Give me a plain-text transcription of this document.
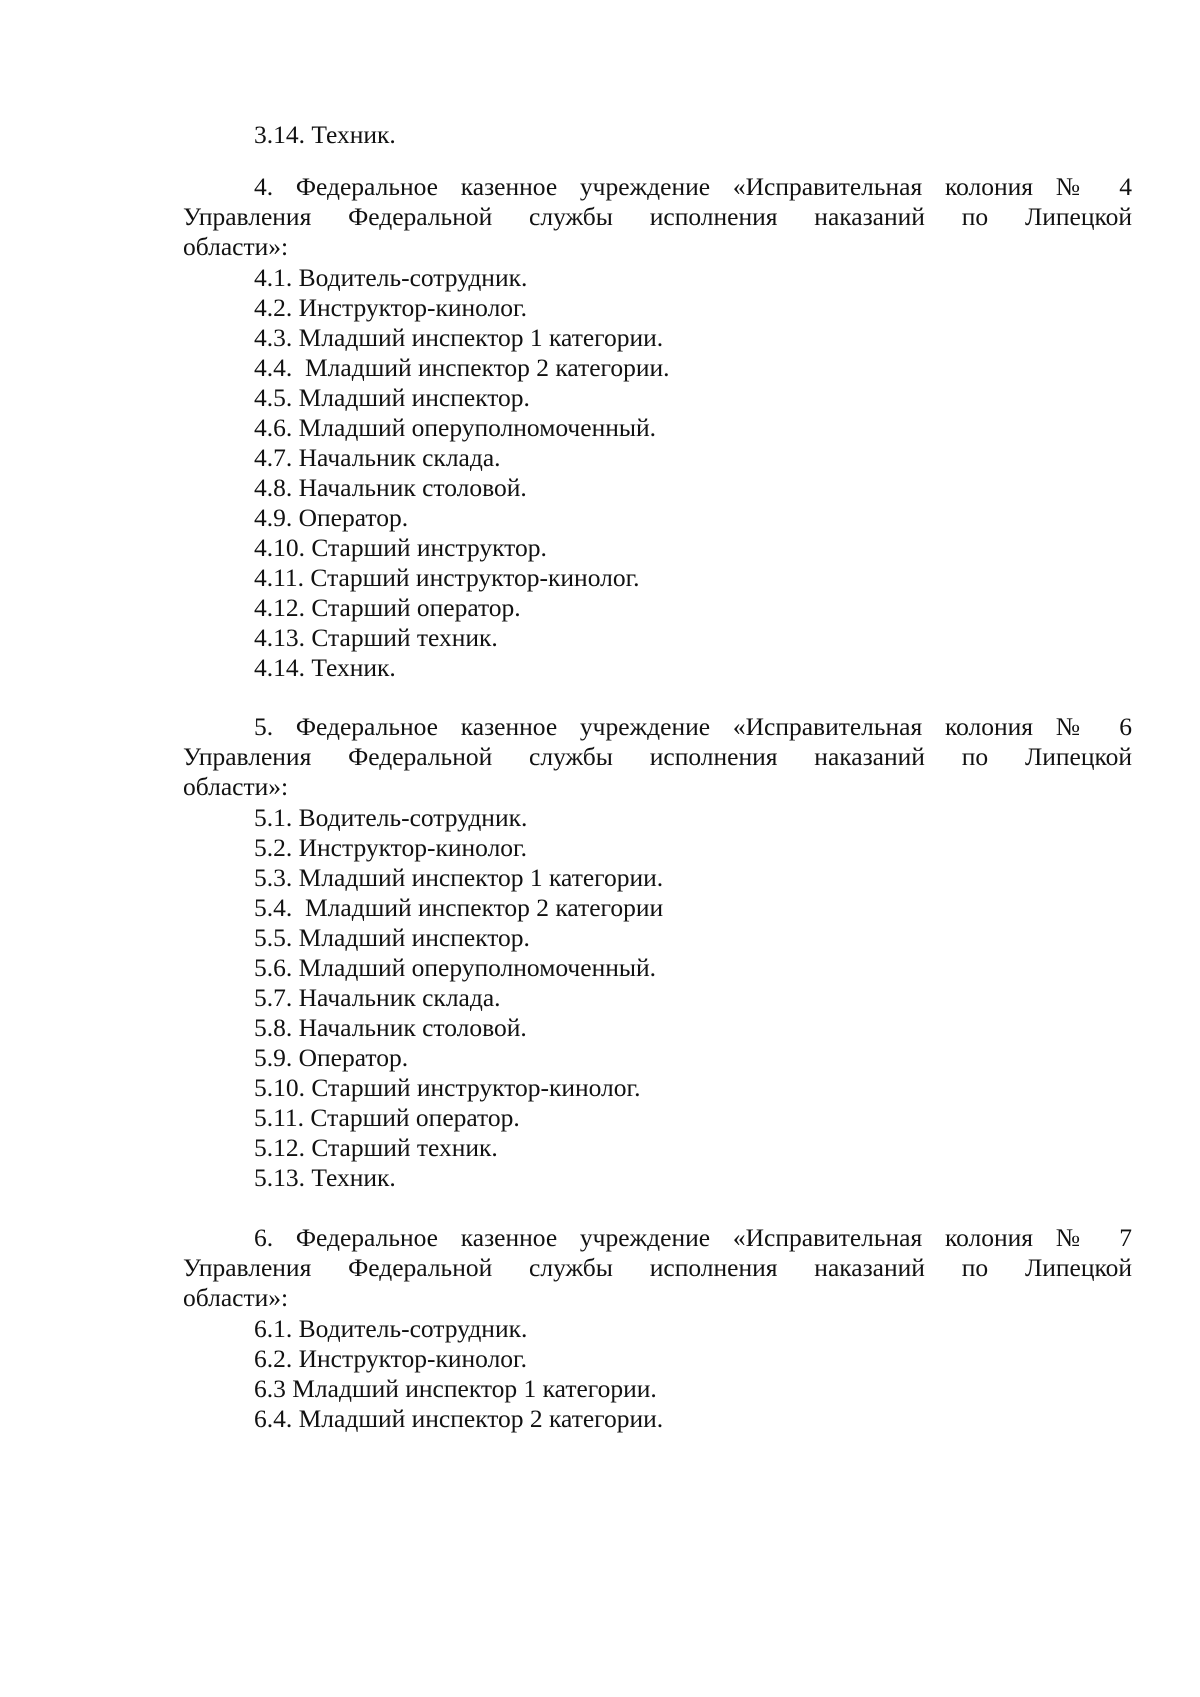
3.14. Техник.
4. Федеральное казенное учреждение «Исправительная колония № 4
Управления Федеральной службы исполнения наказаний по Липецкой
области»:
4.1. Водитель-сотрудник.
4.2. Инструктор-кинолог.
4.3. Младший инспектор 1 категории.
4.4.  Младший инспектор 2 категории.
4.5. Младший инспектор.
4.6. Младший оперуполномоченный.
4.7. Начальник склада.
4.8. Начальник столовой.
4.9. Оператор.
4.10. Старший инструктор.
4.11. Старший инструктор-кинолог.
4.12. Старший оператор.
4.13. Старший техник.
4.14. Техник.
5. Федеральное казенное учреждение «Исправительная колония № 6
Управления Федеральной службы исполнения наказаний по Липецкой
области»:
5.1. Водитель-сотрудник.
5.2. Инструктор-кинолог.
5.3. Младший инспектор 1 категории.
5.4.  Младший инспектор 2 категории
5.5. Младший инспектор.
5.6. Младший оперуполномоченный.
5.7. Начальник склада.
5.8. Начальник столовой.
5.9. Оператор.
5.10. Старший инструктор-кинолог.
5.11. Старший оператор.
5.12. Старший техник.
5.13. Техник.
6. Федеральное казенное учреждение «Исправительная колония № 7
Управления Федеральной службы исполнения наказаний по Липецкой
области»:
6.1. Водитель-сотрудник.
6.2. Инструктор-кинолог.
6.3 Младший инспектор 1 категории.
6.4. Младший инспектор 2 категории.
